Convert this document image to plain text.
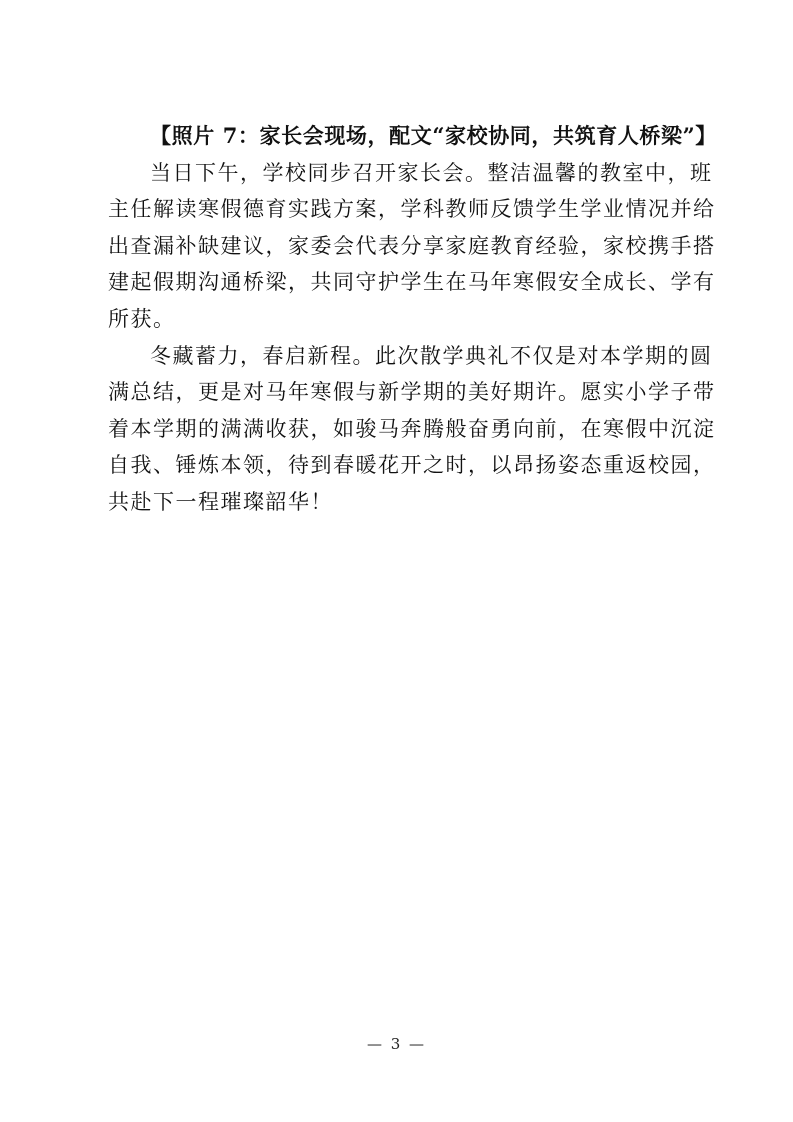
【照片 7：家长会现场，配文“家校协同，共筑育人桥梁”】
当日下午，学校同步召开家长会。整洁温馨的教室中，班
主任解读寒假德育实践方案，学科教师反馈学生学业情况并给
出查漏补缺建议，家委会代表分享家庭教育经验，家校携手搭
建起假期沟通桥梁，共同守护学生在马年寒假安全成长、学有
所获。
冬藏蓄力，春启新程。此次散学典礼不仅是对本学期的圆
满总结，更是对马年寒假与新学期的美好期许。愿实小学子带
着本学期的满满收获，如骏马奔腾般奋勇向前，在寒假中沉淀
自我、锤炼本领，待到春暖花开之时，以昂扬姿态重返校园，
共赴下一程璀璨韶华！
— 3 —
